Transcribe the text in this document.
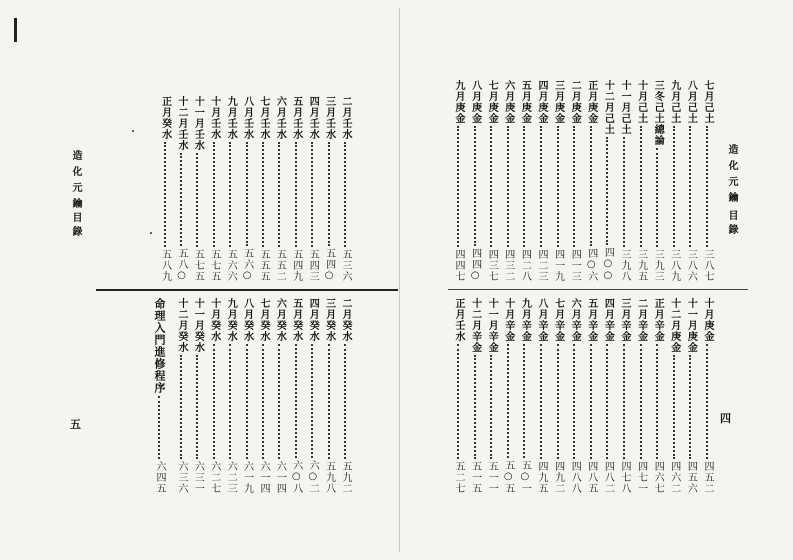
造化元鑰
目錄
二月壬水
五三六
三月壬水
五四○
四月壬水
五四三
五月壬水
五四九
六月壬水
五五二
七月壬水
五五五
八月壬水
五六○
九月壬水
五六六
十月壬水
五七五
十一月壬水
五七五
十二月壬水
五八○
正月癸水
五八九
二月癸水
五九二
三月癸水
五九八
四月癸水
六○二
五月癸水
六○八
六月癸水
六一四
七月癸水
六一四
八月癸水
六一九
九月癸水
六二三
十月癸水
六二七
十一月癸水
六三一
十二月癸水
六三六
命理入門進修程序
六四五
五
七月己土
三八七
八月己土
三八六
九月己土
三八九
三冬己土總論
三九三
十月己土
三九五
十一月己土
三九八
十二月己土
四○○
正月庚金
四○六
二月庚金
四一三
三月庚金
四一九
四月庚金
四二三
五月庚金
四二八
六月庚金
四三二
七月庚金
四三七
八月庚金
四四○
九月庚金
四四七
十月庚金
四五二
十一月庚金
四五六
十二月庚金
四六二
正月辛金
四六七
二月辛金
四七一
三月辛金
四七八
四月辛金
四八二
五月辛金
四八五
六月辛金
四八八
七月辛金
四九二
八月辛金
四九五
九月辛金
五○一
十月辛金
五○五
十一月辛金
五一一
十二月辛金
五一五
正月壬水
五二七
造化元鑰
目錄
四
